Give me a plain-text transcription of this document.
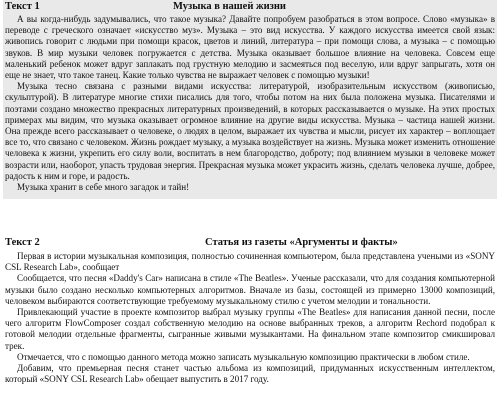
Текст 1	Музыка в нашей жизни

А вы когда-нибудь задумывались, что такое музыка? Давайте попробуем разобраться в этом вопросе. Слово «музыка» в переводе с греческого означает «искусство муз». Музыка – это вид искусства. У каждого искусства имеется свой язык: живопись говорит с людьми при помощи красок, цветов и линий, литература – при помощи слова, а музыка – с помощью звуков. В мир музыки человек погружается с детства. Музыка оказывает большое влияние на человека. Совсем еще маленький ребенок может вдруг заплакать под грустную мелодию и засмеяться под веселую, или вдруг запрыгать, хотя он еще не знает, что такое танец. Какие только чувства не выражает человек с помощью музыки!

Музыка тесно связана с разными видами искусства: литературой, изобразительным искусством (живописью, скульптурой). В литературе многие стихи писались для того, чтобы потом на них была положена музыка. Писателями и поэтами создано множество прекрасных литературных произведений, в которых рассказывается о музыке. На этих простых примерах мы видим, что музыка оказывает огромное влияние на другие виды искусства. Музыка – частица нашей жизни. Она прежде всего рассказывает о человеке, о людях в целом, выражает их чувства и мысли, рисует их характер – воплощает все то, что связано с человеком. Жизнь рождает музыку, а музыка воздействует на жизнь. Музыка может изменить отношение человека к жизни, укрепить его силу воли, воспитать в нем благородство, доброту; под влиянием музыки в человеке может возрасти или, наоборот, упасть трудовая энергия. Прекрасная музыка может украсить жизнь, сделать человека лучше, добрее, радость к ним и горе, и радость.

Музыка хранит в себе много загадок и тайн!

Текст 2	Статья из газеты «Аргументы и факты»

Первая в истории музыкальная композиция, полностью сочиненная компьютером, была представлена учеными из «SONY CSL Research Lab», сообщает

Сообщается, что песня «Daddy's Car» написана в стиле «The Beatles». Ученые рассказали, что для создания компьютерной музыки было создано несколько компьютерных алгоритмов. Вначале из базы, состоящей из примерно 13000 композиций, человеком выбираются соответствующие требуемому музыкальному стилю с учетом мелодии и тональности.

Привлекающий участие в проекте композитор выбрал музыку группы «The Beatles» для написания данной песни, после чего алгоритм FlowComposer создал собственную мелодию на основе выбранных треков, а алгоритм Rechord подобрал к готовой мелодии отдельные фрагменты, сыгранные живыми музыкантами. На финальном этапе композитор смикшировал трек.

Отмечается, что с помощью данного метода можно записать музыкальную композицию практически в любом стиле.

Добавим, что премьерная песня станет частью альбома из композиций, придуманных искусственным интеллектом, который «SONY CSL Research Lab» обещает выпустить в 2017 году.
